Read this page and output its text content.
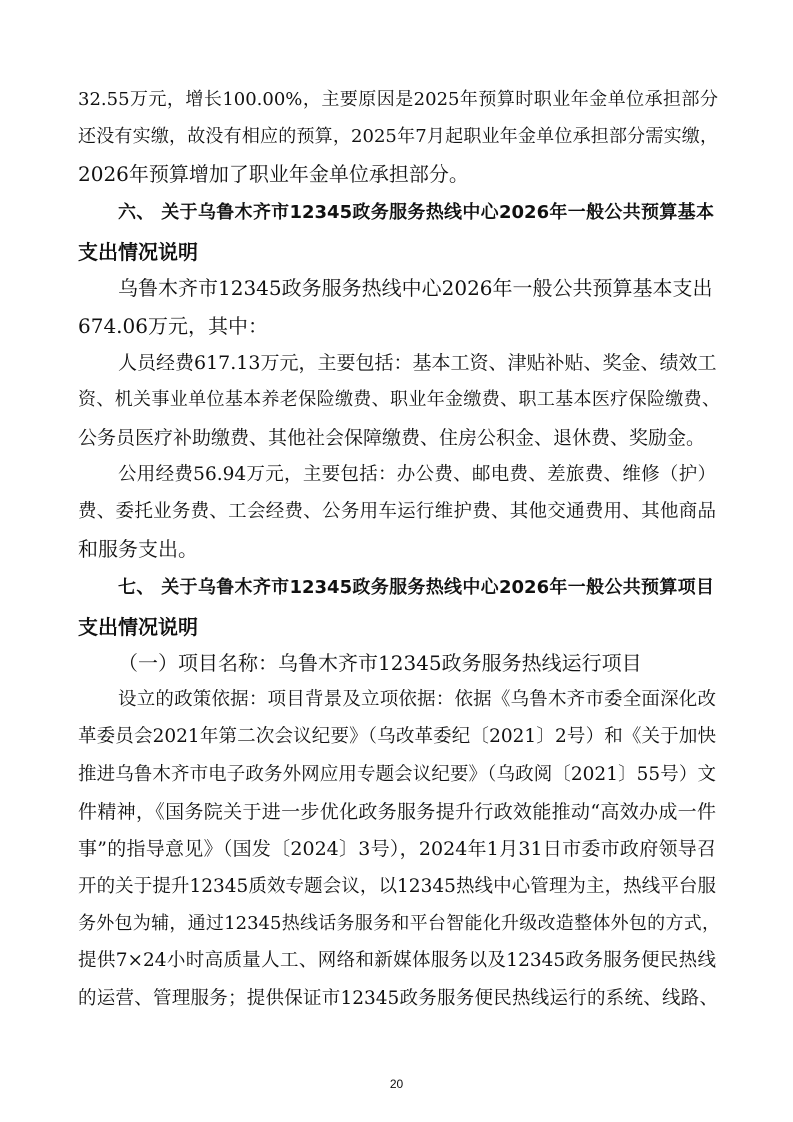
32.55万元，增长100.00%，主要原因是2025年预算时职业年金单位承担部分
还没有实缴，故没有相应的预算，2025年7月起职业年金单位承担部分需实缴，
2026年预算增加了职业年金单位承担部分。
六、 关于乌鲁木齐市12345政务服务热线中心2026年一般公共预算基本
支出情况说明
乌鲁木齐市12345政务服务热线中心2026年一般公共预算基本支出
674.06万元，其中：
人员经费617.13万元，主要包括：基本工资、津贴补贴、奖金、绩效工
资、机关事业单位基本养老保险缴费、职业年金缴费、职工基本医疗保险缴费、
公务员医疗补助缴费、其他社会保障缴费、住房公积金、退休费、奖励金。
公用经费56.94万元，主要包括：办公费、邮电费、差旅费、维修（护）
费、委托业务费、工会经费、公务用车运行维护费、其他交通费用、其他商品
和服务支出。
七、 关于乌鲁木齐市12345政务服务热线中心2026年一般公共预算项目
支出情况说明
（一）项目名称：乌鲁木齐市12345政务服务热线运行项目
设立的政策依据：项目背景及立项依据：依据《乌鲁木齐市委全面深化改
革委员会2021年第二次会议纪要》（乌改革委纪〔2021〕2号）和《关于加快
推进乌鲁木齐市电子政务外网应用专题会议纪要》（乌政阅〔2021〕55号）文
件精神，《国务院关于进一步优化政务服务提升行政效能推动“高效办成一件
事”的指导意见》（国发〔2024〕3号），2024年1月31日市委市政府领导召
开的关于提升12345质效专题会议，以12345热线中心管理为主，热线平台服
务外包为辅，通过12345热线话务服务和平台智能化升级改造整体外包的方式，
提供7×24小时高质量人工、网络和新媒体服务以及12345政务服务便民热线
的运营、管理服务；提供保证市12345政务服务便民热线运行的系统、线路、
20
